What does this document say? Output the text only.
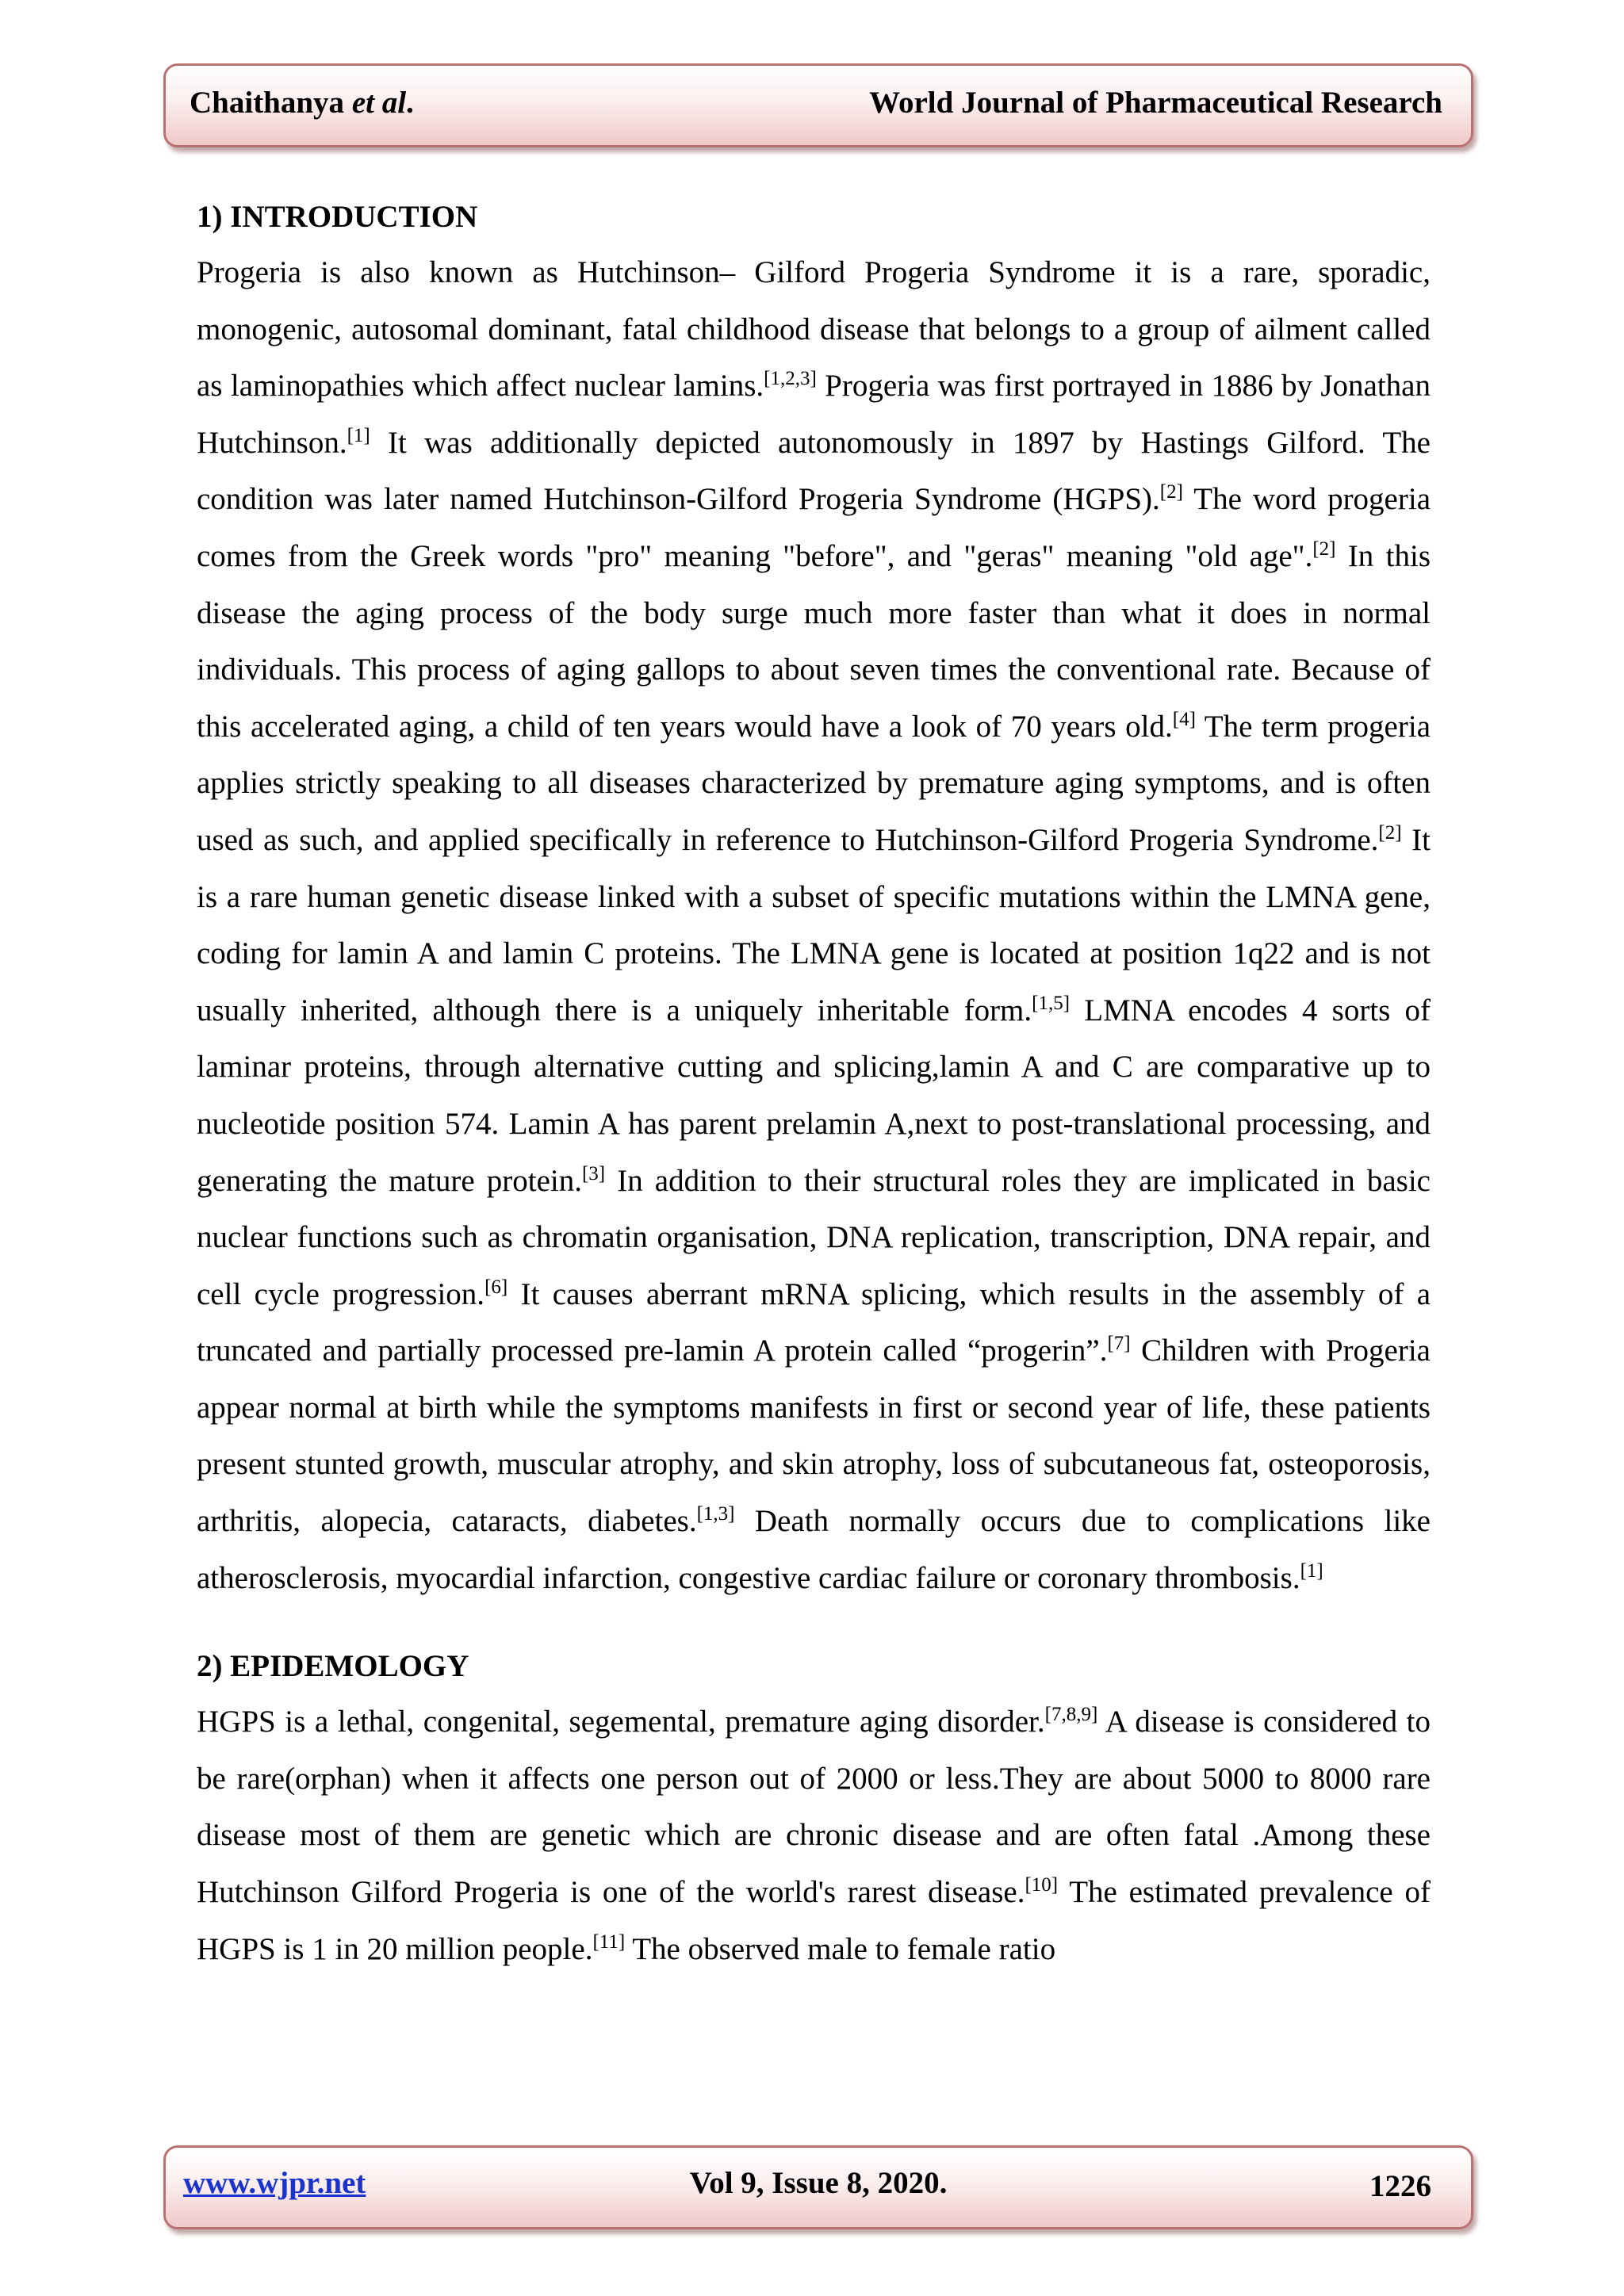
Chaithanya et al.	World Journal of Pharmaceutical Research
1) INTRODUCTION

Progeria is also known as Hutchinson– Gilford Progeria Syndrome it is a rare, sporadic, monogenic, autosomal dominant, fatal childhood disease that belongs to a group of ailment called as laminopathies which affect nuclear lamins.[1,2,3] Progeria was first portrayed in 1886 by Jonathan Hutchinson.[1] It was additionally depicted autonomously in 1897 by Hastings Gilford. The condition was later named Hutchinson-Gilford Progeria Syndrome (HGPS).[2] The word progeria comes from the Greek words "pro" meaning "before", and "geras" meaning "old age".[2] In this disease the aging process of the body surge much more faster than what it does in normal individuals. This process of aging gallops to about seven times the conventional rate. Because of this accelerated aging, a child of ten years would have a look of 70 years old.[4] The term progeria applies strictly speaking to all diseases characterized by premature aging symptoms, and is often used as such, and applied specifically in reference to Hutchinson-Gilford Progeria Syndrome.[2] It is a rare human genetic disease linked with a subset of specific mutations within the LMNA gene, coding for lamin A and lamin C proteins. The LMNA gene is located at position 1q22 and is not usually inherited, although there is a uniquely inheritable form.[1,5] LMNA encodes 4 sorts of laminar proteins, through alternative cutting and splicing,lamin A and C are comparative up to nucleotide position 574. Lamin A has parent prelamin A,next to post-translational processing, and generating the mature protein.[3] In addition to their structural roles they are implicated in basic nuclear functions such as chromatin organisation, DNA replication, transcription, DNA repair, and cell cycle progression.[6] It causes aberrant mRNA splicing, which results in the assembly of a truncated and partially processed pre-lamin A protein called “progerin”.[7] Children with Progeria appear normal at birth while the symptoms manifests in first or second year of life, these patients present stunted growth, muscular atrophy, and skin atrophy, loss of subcutaneous fat, osteoporosis, arthritis, alopecia, cataracts, diabetes.[1,3] Death normally occurs due to complications like atherosclerosis, myocardial infarction, congestive cardiac failure or coronary thrombosis.[1]

2) EPIDEMOLOGY

HGPS is a lethal, congenital, segemental, premature aging disorder.[7,8,9] A disease is considered to be rare(orphan) when it affects one person out of 2000 or less.They are about 5000 to 8000 rare disease most of them are genetic which are chronic disease and are often fatal .Among these Hutchinson Gilford Progeria is one of the world's rarest disease.[10] The estimated prevalence of HGPS is 1 in 20 million people.[11] The observed male to female ratio

www.wjpr.net	Vol 9, Issue 8, 2020.	1226
